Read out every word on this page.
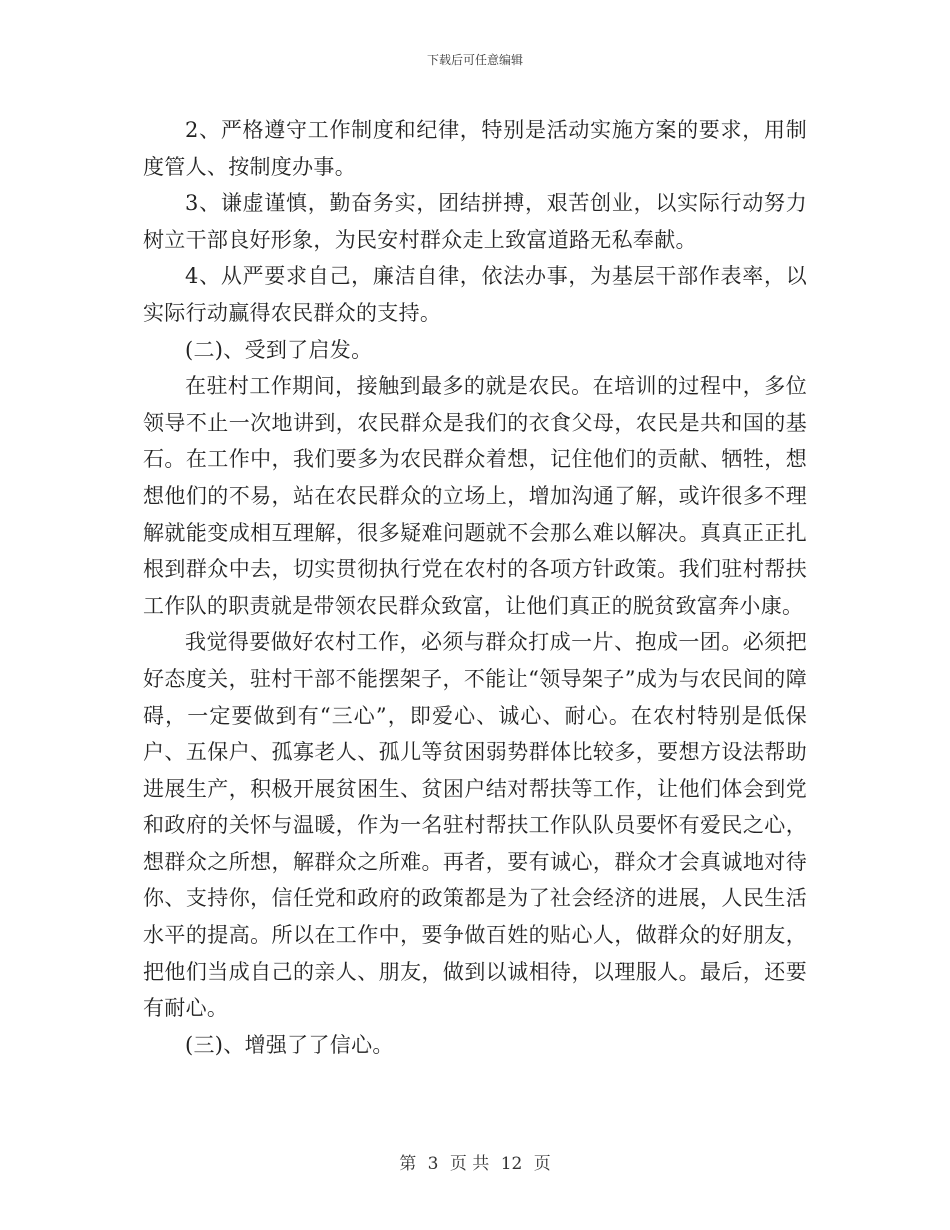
下载后可任意编辑

2、严格遵守工作制度和纪律，特别是活动实施方案的要求，用制度管人、按制度办事。

3、谦虚谨慎，勤奋务实，团结拼搏，艰苦创业，以实际行动努力树立干部良好形象，为民安村群众走上致富道路无私奉献。

4、从严要求自己，廉洁自律，依法办事，为基层干部作表率，以实际行动赢得农民群众的支持。

(二)、受到了启发。

在驻村工作期间，接触到最多的就是农民。在培训的过程中，多位领导不止一次地讲到，农民群众是我们的衣食父母，农民是共和国的基石。在工作中，我们要多为农民群众着想，记住他们的贡献、牺牲，想想他们的不易，站在农民群众的立场上，增加沟通了解，或许很多不理解就能变成相互理解，很多疑难问题就不会那么难以解决。真真正正扎根到群众中去，切实贯彻执行党在农村的各项方针政策。我们驻村帮扶工作队的职责就是带领农民群众致富，让他们真正的脱贫致富奔小康。

我觉得要做好农村工作，必须与群众打成一片、抱成一团。必须把好态度关，驻村干部不能摆架子，不能让“领导架子”成为与农民间的障碍，一定要做到有“三心”，即爱心、诚心、耐心。在农村特别是低保户、五保户、孤寡老人、孤儿等贫困弱势群体比较多，要想方设法帮助进展生产，积极开展贫困生、贫困户结对帮扶等工作，让他们体会到党和政府的关怀与温暖，作为一名驻村帮扶工作队队员要怀有爱民之心，想群众之所想，解群众之所难。再者，要有诚心，群众才会真诚地对待你、支持你，信任党和政府的政策都是为了社会经济的进展，人民生活水平的提高。所以在工作中，要争做百姓的贴心人，做群众的好朋友，把他们当成自己的亲人、朋友，做到以诚相待，以理服人。最后，还要有耐心。

(三)、增强了了信心。

第 3 页 共 12 页
